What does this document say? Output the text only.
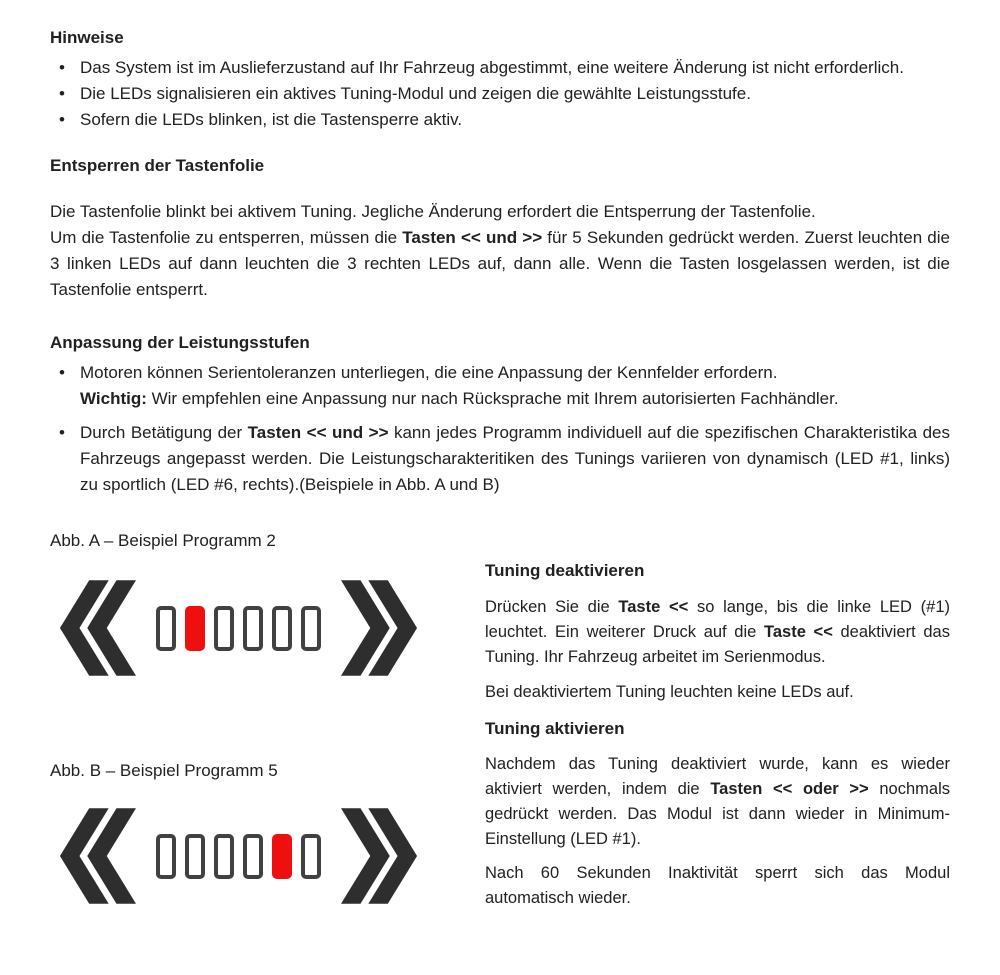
Hinweise
• Das System ist im Auslieferzustand auf Ihr Fahrzeug abgestimmt, eine weitere Änderung ist nicht erforderlich.
• Die LEDs signalisieren ein aktives Tuning-Modul und zeigen die gewählte Leistungsstufe.
• Sofern die LEDs blinken, ist die Tastensperre aktiv.
Entsperren der Tastenfolie

Die Tastenfolie blinkt bei aktivem Tuning. Jegliche Änderung erfordert die Entsperrung der Tastenfolie.
Um die Tastenfolie zu entsperren, müssen die Tasten << und >> für 5 Sekunden gedrückt werden. Zuerst leuchten die 3 linken LEDs auf dann leuchten die 3 rechten LEDs auf, dann alle. Wenn die Tasten losgelassen werden, ist die Tastenfolie entsperrt.

Anpassung der Leistungsstufen
• Motoren können Serientoleranzen unterliegen, die eine Anpassung der Kennfelder erfordern.
Wichtig: Wir empfehlen eine Anpassung nur nach Rücksprache mit Ihrem autorisierten Fachhändler.
• Durch Betätigung der Tasten << und >> kann jedes Programm individuell auf die spezifischen Charakteristika des Fahrzeugs angepasst werden. Die Leistungscharakteritiken des Tunings variieren von dynamisch (LED #1, links) zu sportlich (LED #6, rechts).(Beispiele in Abb. A und B)
Abb. A – Beispiel Programm 2
Abb. B – Beispiel Programm 5
Tuning deaktivieren

Drücken Sie die Taste << so lange, bis die linke LED (#1) leuchtet. Ein weiterer Druck auf die Taste << deaktiviert das Tuning. Ihr Fahrzeug arbeitet im Serienmodus.

Bei deaktiviertem Tuning leuchten keine LEDs auf.

Tuning aktivieren

Nachdem das Tuning deaktiviert wurde, kann es wieder aktiviert werden, indem die Tasten << oder >> nochmals gedrückt werden. Das Modul ist dann wieder in Minimum-Einstellung (LED #1).

Nach 60 Sekunden Inaktivität sperrt sich das Modul automatisch wieder.
